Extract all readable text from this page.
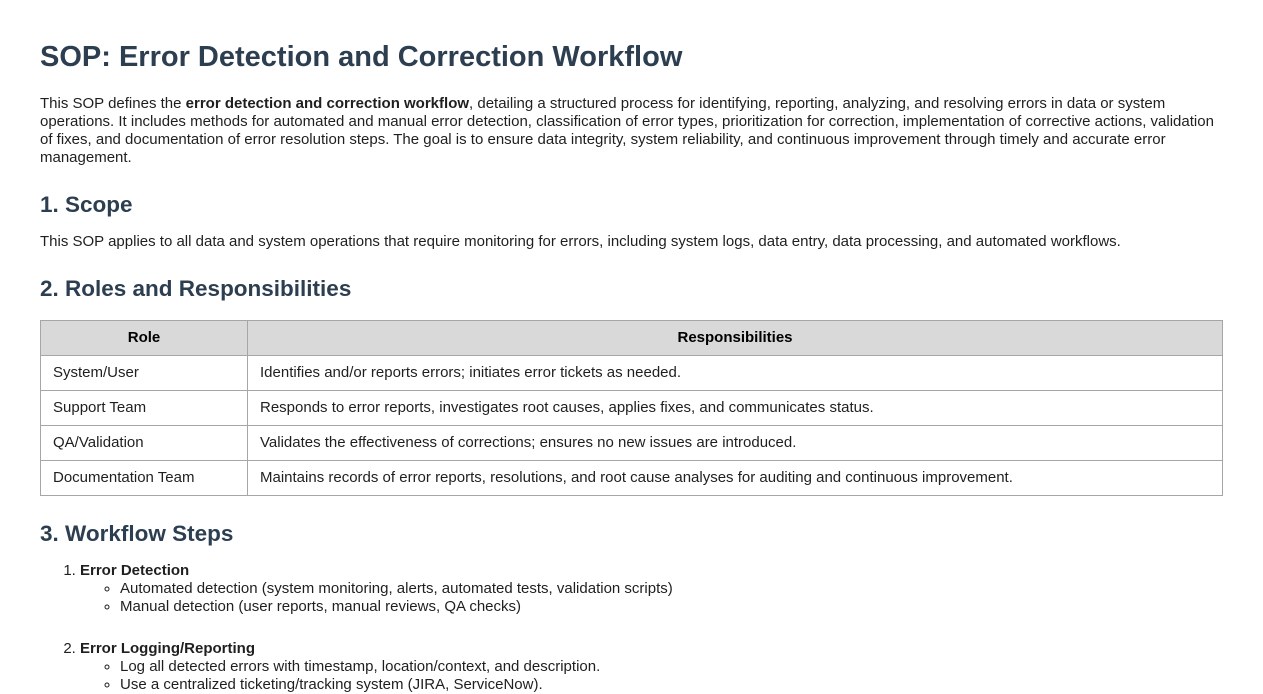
SOP: Error Detection and Correction Workflow

This SOP defines the error detection and correction workflow, detailing a structured process for identifying, reporting, analyzing, and resolving errors in data or system operations. It includes methods for automated and manual error detection, classification of error types, prioritization for correction, implementation of corrective actions, validation of fixes, and documentation of error resolution steps. The goal is to ensure data integrity, system reliability, and continuous improvement through timely and accurate error management.

1. Scope

This SOP applies to all data and system operations that require monitoring for errors, including system logs, data entry, data processing, and automated workflows.

2. Roles and Responsibilities
Role	Responsibilities
System/User	Identifies and/or reports errors; initiates error tickets as needed.
Support Team	Responds to error reports, investigates root causes, applies fixes, and communicates status.
QA/Validation	Validates the effectiveness of corrections; ensures no new issues are introduced.
Documentation Team	Maintains records of error reports, resolutions, and root cause analyses for auditing and continuous improvement.
3. Workflow Steps
1. Error Detection
◦ Automated detection (system monitoring, alerts, automated tests, validation scripts)
◦ Manual detection (user reports, manual reviews, QA checks)
2. Error Logging/Reporting
◦ Log all detected errors with timestamp, location/context, and description.
◦ Use a centralized ticketing/tracking system (JIRA, ServiceNow).
